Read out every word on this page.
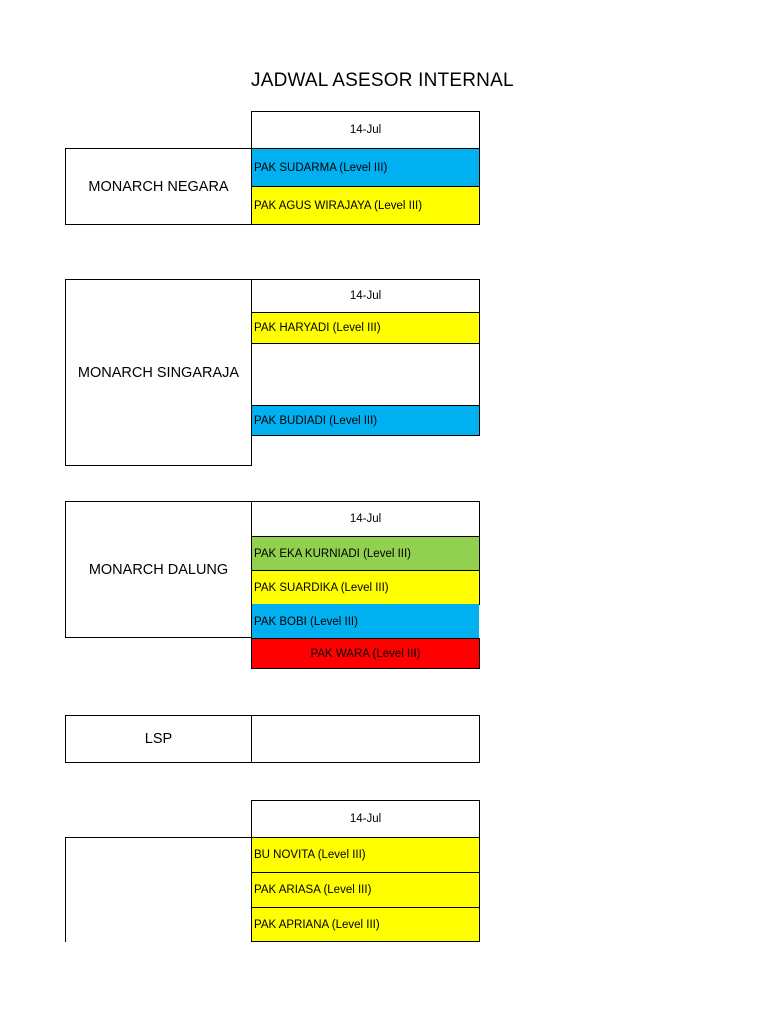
JADWAL ASESOR INTERNAL
MONARCH NEGARA
14-Jul
PAK SUDARMA (Level III)
PAK AGUS WIRAJAYA (Level III)
MONARCH SINGARAJA
14-Jul
PAK HARYADI (Level III)
PAK BUDIADI (Level III)
MONARCH DALUNG
14-Jul
PAK EKA KURNIADI (Level III)
PAK SUARDIKA (Level III)
PAK BOBI (Level III)
PAK WARA (Level III)
LSP
14-Jul
BU NOVITA (Level III)
PAK ARIASA (Level III)
PAK APRIANA (Level III)
